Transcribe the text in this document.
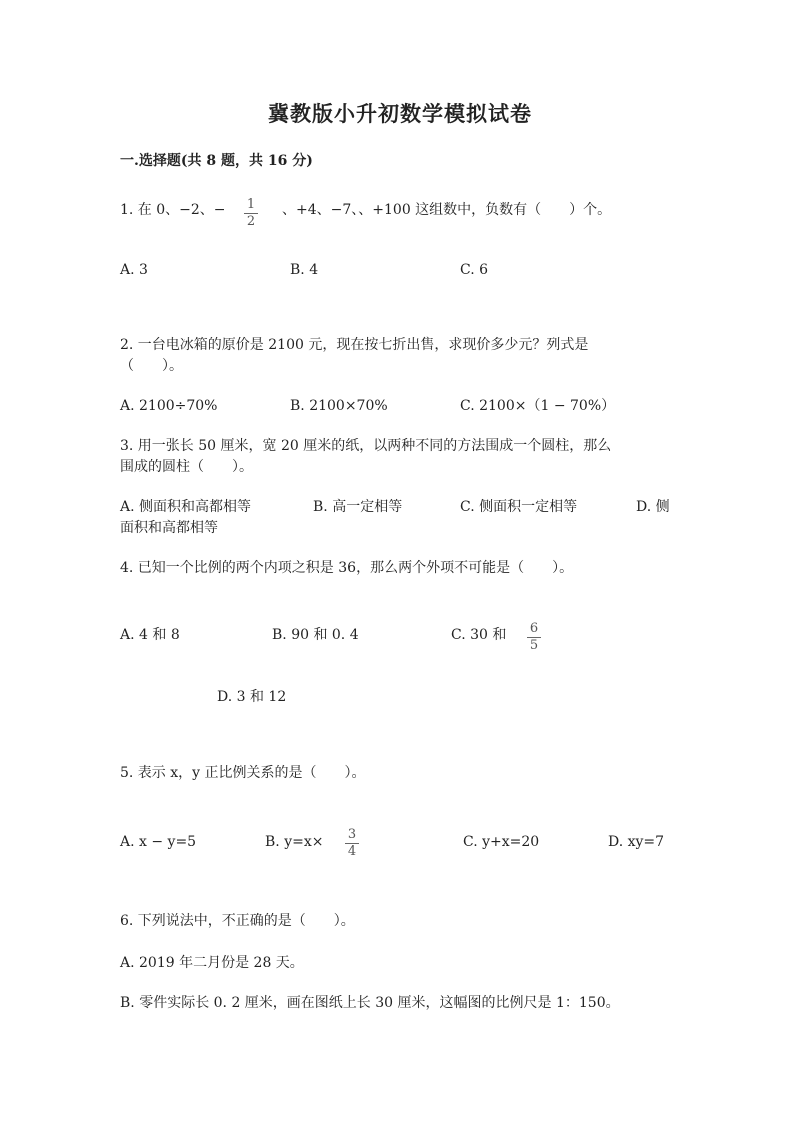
冀教版小升初数学模拟试卷
一.选择题(共 8 题，共 16 分)
1. 在 0、−2、− $\frac{1}{2}$ 、+4、−7、、+100 这组数中，负数有（　　）个。
A. 3	B. 4	C. 6
2. 一台电冰箱的原价是 2100 元，现在按七折出售，求现价多少元？列式是
（　　）。
A. 2100÷70%	B. 2100×70%	C. 2100×（1 − 70%）
3. 用一张长 50 厘米，宽 20 厘米的纸，以两种不同的方法围成一个圆柱，那么
围成的圆柱（　　）。
A. 侧面积和高都相等	B. 高一定相等	C. 侧面积一定相等	D. 侧
面积和高都相等
4. 已知一个比例的两个内项之积是 36，那么两个外项不可能是（　　）。
A. 4 和 8	B. 90 和 0. 4	C. 30 和 $\frac{6}{5}$
D. 3 和 12
5. 表示 x，y 正比例关系的是（　　）。
A. x − y=5	B. $y=x\times \frac{3}{4}$	C. y+x=20	D. xy=7
6. 下列说法中，不正确的是（　　）。
A. 2019 年二月份是 28 天。
B. 零件实际长 0. 2 厘米，画在图纸上长 30 厘米，这幅图的比例尺是 1：150。
